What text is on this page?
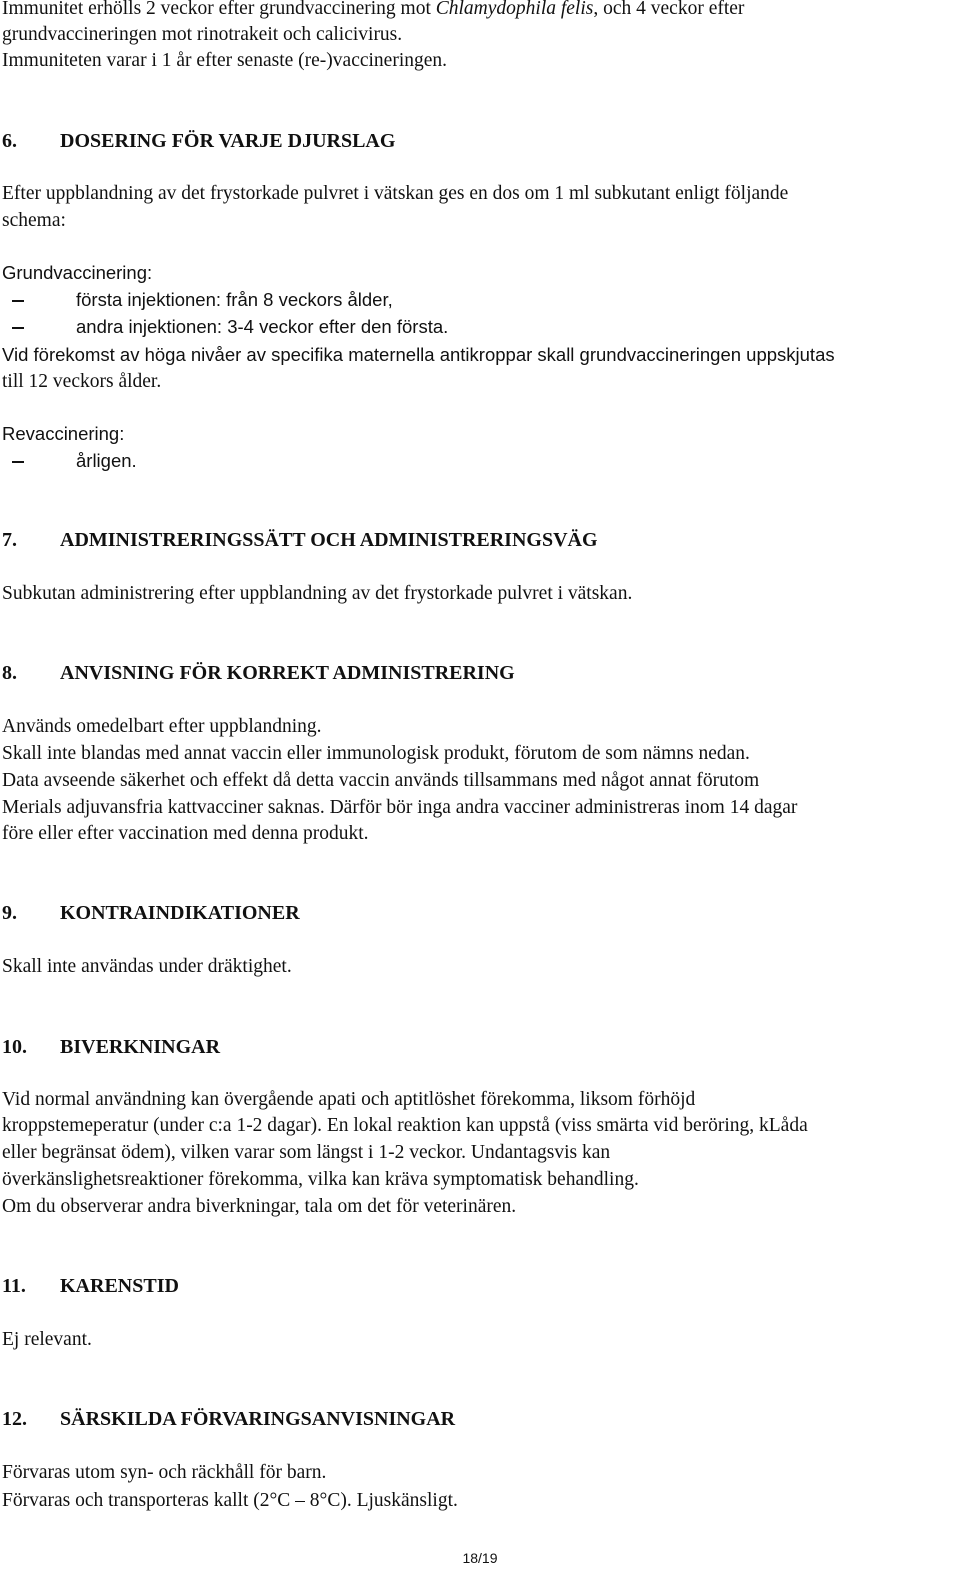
Immunitet erhölls 2 veckor efter grundvaccinering mot Chlamydophila felis, och 4 veckor efter

grundvaccineringen mot rinotrakeit och calicivirus.

Immuniteten varar i 1 år efter senaste (re-)vaccineringen.

6. DOSERING FÖR VARJE DJURSLAG

Efter uppblandning av det frystorkade pulvret i vätskan ges en dos om 1 ml subkutant enligt följande

schema:

Grundvaccinering:

första injektionen: från 8 veckors ålder,
andra injektionen: 3-4 veckor efter den första.

Vid förekomst av höga nivåer av specifika maternella antikroppar skall grundvaccineringen uppskjutas

till 12 veckors ålder.

Revaccinering:

årligen.
7. ADMINISTRERINGSSÄTT OCH ADMINISTRERINGSVÄG

Subkutan administrering efter uppblandning av det frystorkade pulvret i vätskan.

8. ANVISNING FÖR KORREKT ADMINISTRERING

Används omedelbart efter uppblandning.

Skall inte blandas med annat vaccin eller immunologisk produkt, förutom de som nämns nedan.

Data avseende säkerhet och effekt då detta vaccin används tillsammans med något annat förutom

Merials adjuvansfria kattvacciner saknas. Därför bör inga andra vacciner administreras inom 14 dagar

före eller efter vaccination med denna produkt.

9. KONTRAINDIKATIONER

Skall inte användas under dräktighet.

10. BIVERKNINGAR

Vid normal användning kan övergående apati och aptitlöshet förekomma, liksom förhöjd

kroppstemeperatur (under c:a 1-2 dagar). En lokal reaktion kan uppstå (viss smärta vid beröring, kLåda

eller begränsat ödem), vilken varar som längst i 1-2 veckor. Undantagsvis kan

överkänslighetsreaktioner förekomma, vilka kan kräva symptomatisk behandling.

Om du observerar andra biverkningar, tala om det för veterinären.

11. KARENSTID

Ej relevant.

12. SÄRSKILDA FÖRVARINGSANVISNINGAR

Förvaras utom syn- och räckhåll för barn.

Förvaras och transporteras kallt (2°C – 8°C). Ljuskänsligt.

18/19
